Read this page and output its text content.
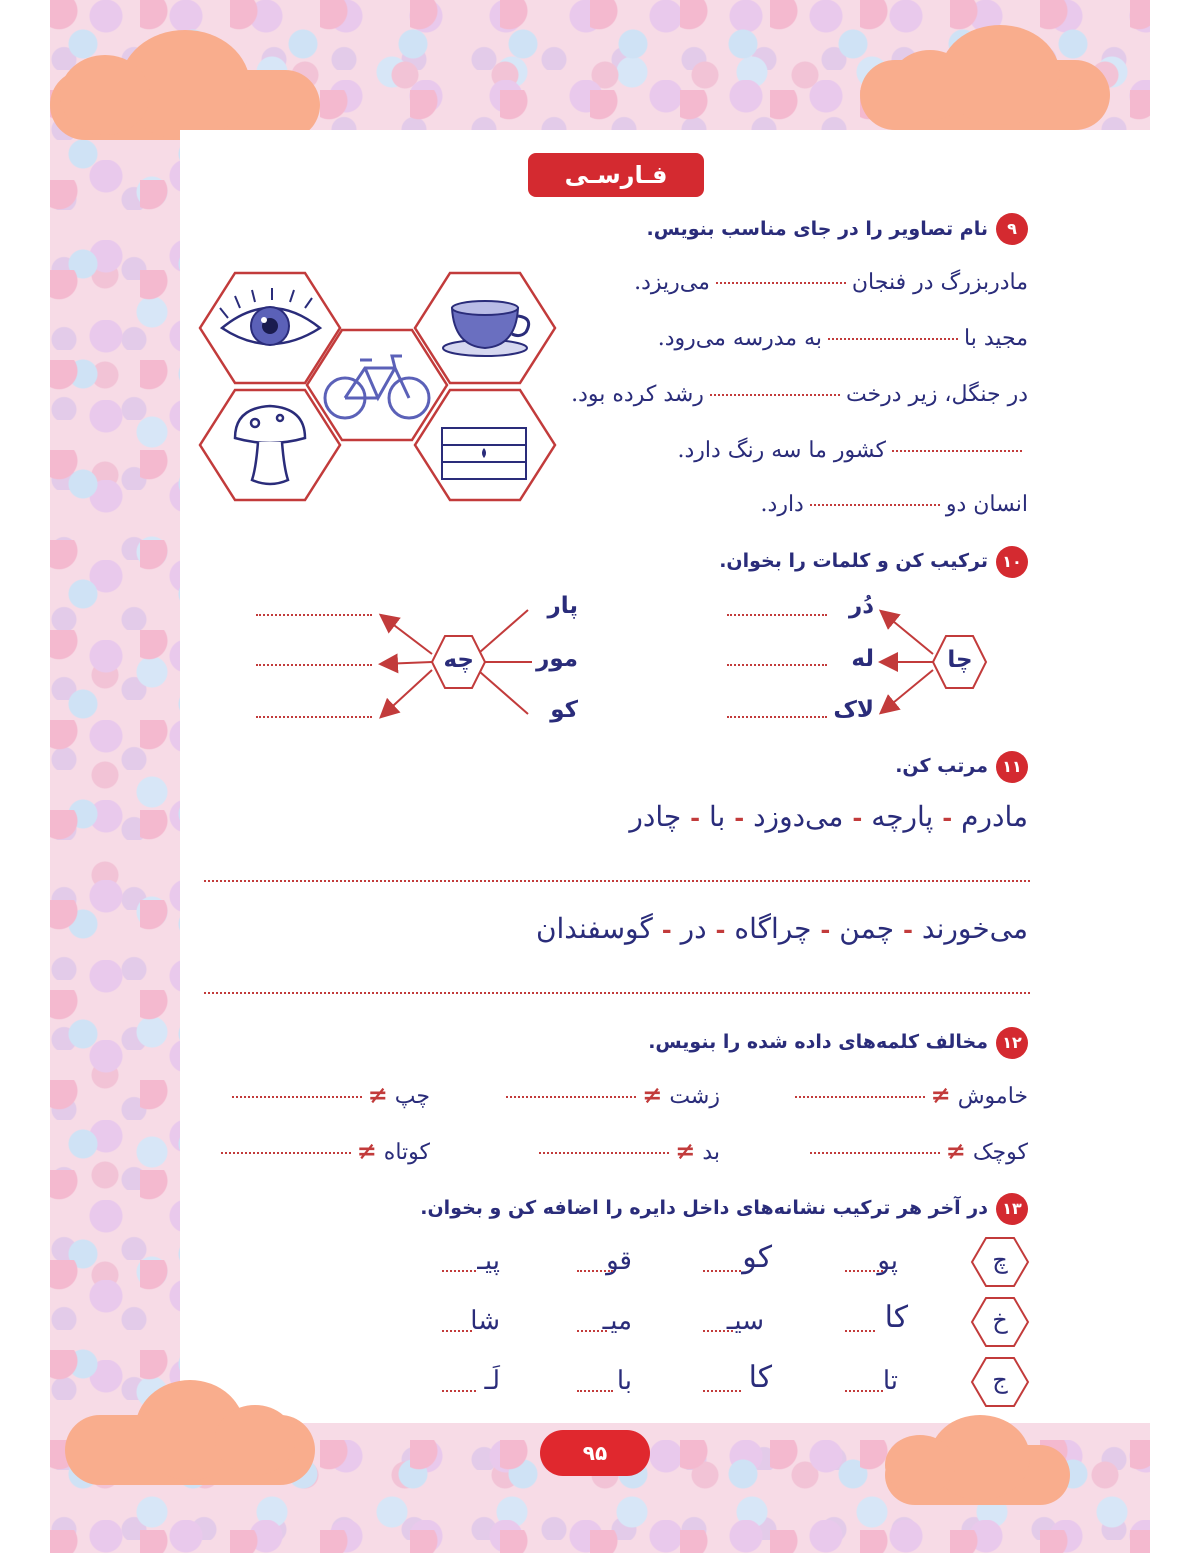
فـارسـی
۹
نام تصاویر را در جای مناسب بنویس.
مادربزرگ در فنجانمی‌ریزد.
مجید بابه مدرسه می‌رود.
در جنگل، زیر درخترشد کرده بود.
کشور ما سه رنگ دارد.
انسان دودارد.
۱۰
ترکیب کن و کلمات را بخوان.
چا
چه
دُر
له
لاک
پار
مور
کو
۱۱
مرتب کن.
مادرم - پارچه - می‌دوزد - با - چادر
می‌خورند - چمن - چراگاه - در - گوسفندان
۱۲
مخالف کلمه‌های داده شده را بنویس.
خاموش ≠
زشت ≠
چپ ≠
کوچک ≠
بد ≠
کوتاه ≠
۱۳
در آخر هر ترکیب نشانه‌های داخل دایره را اضافه کن و بخوان.
چ
خ
ج
پو
کو
قو
پیـ
کا
سیـ
میـ
شا
تا
کا
با
لَـ
۹۵
